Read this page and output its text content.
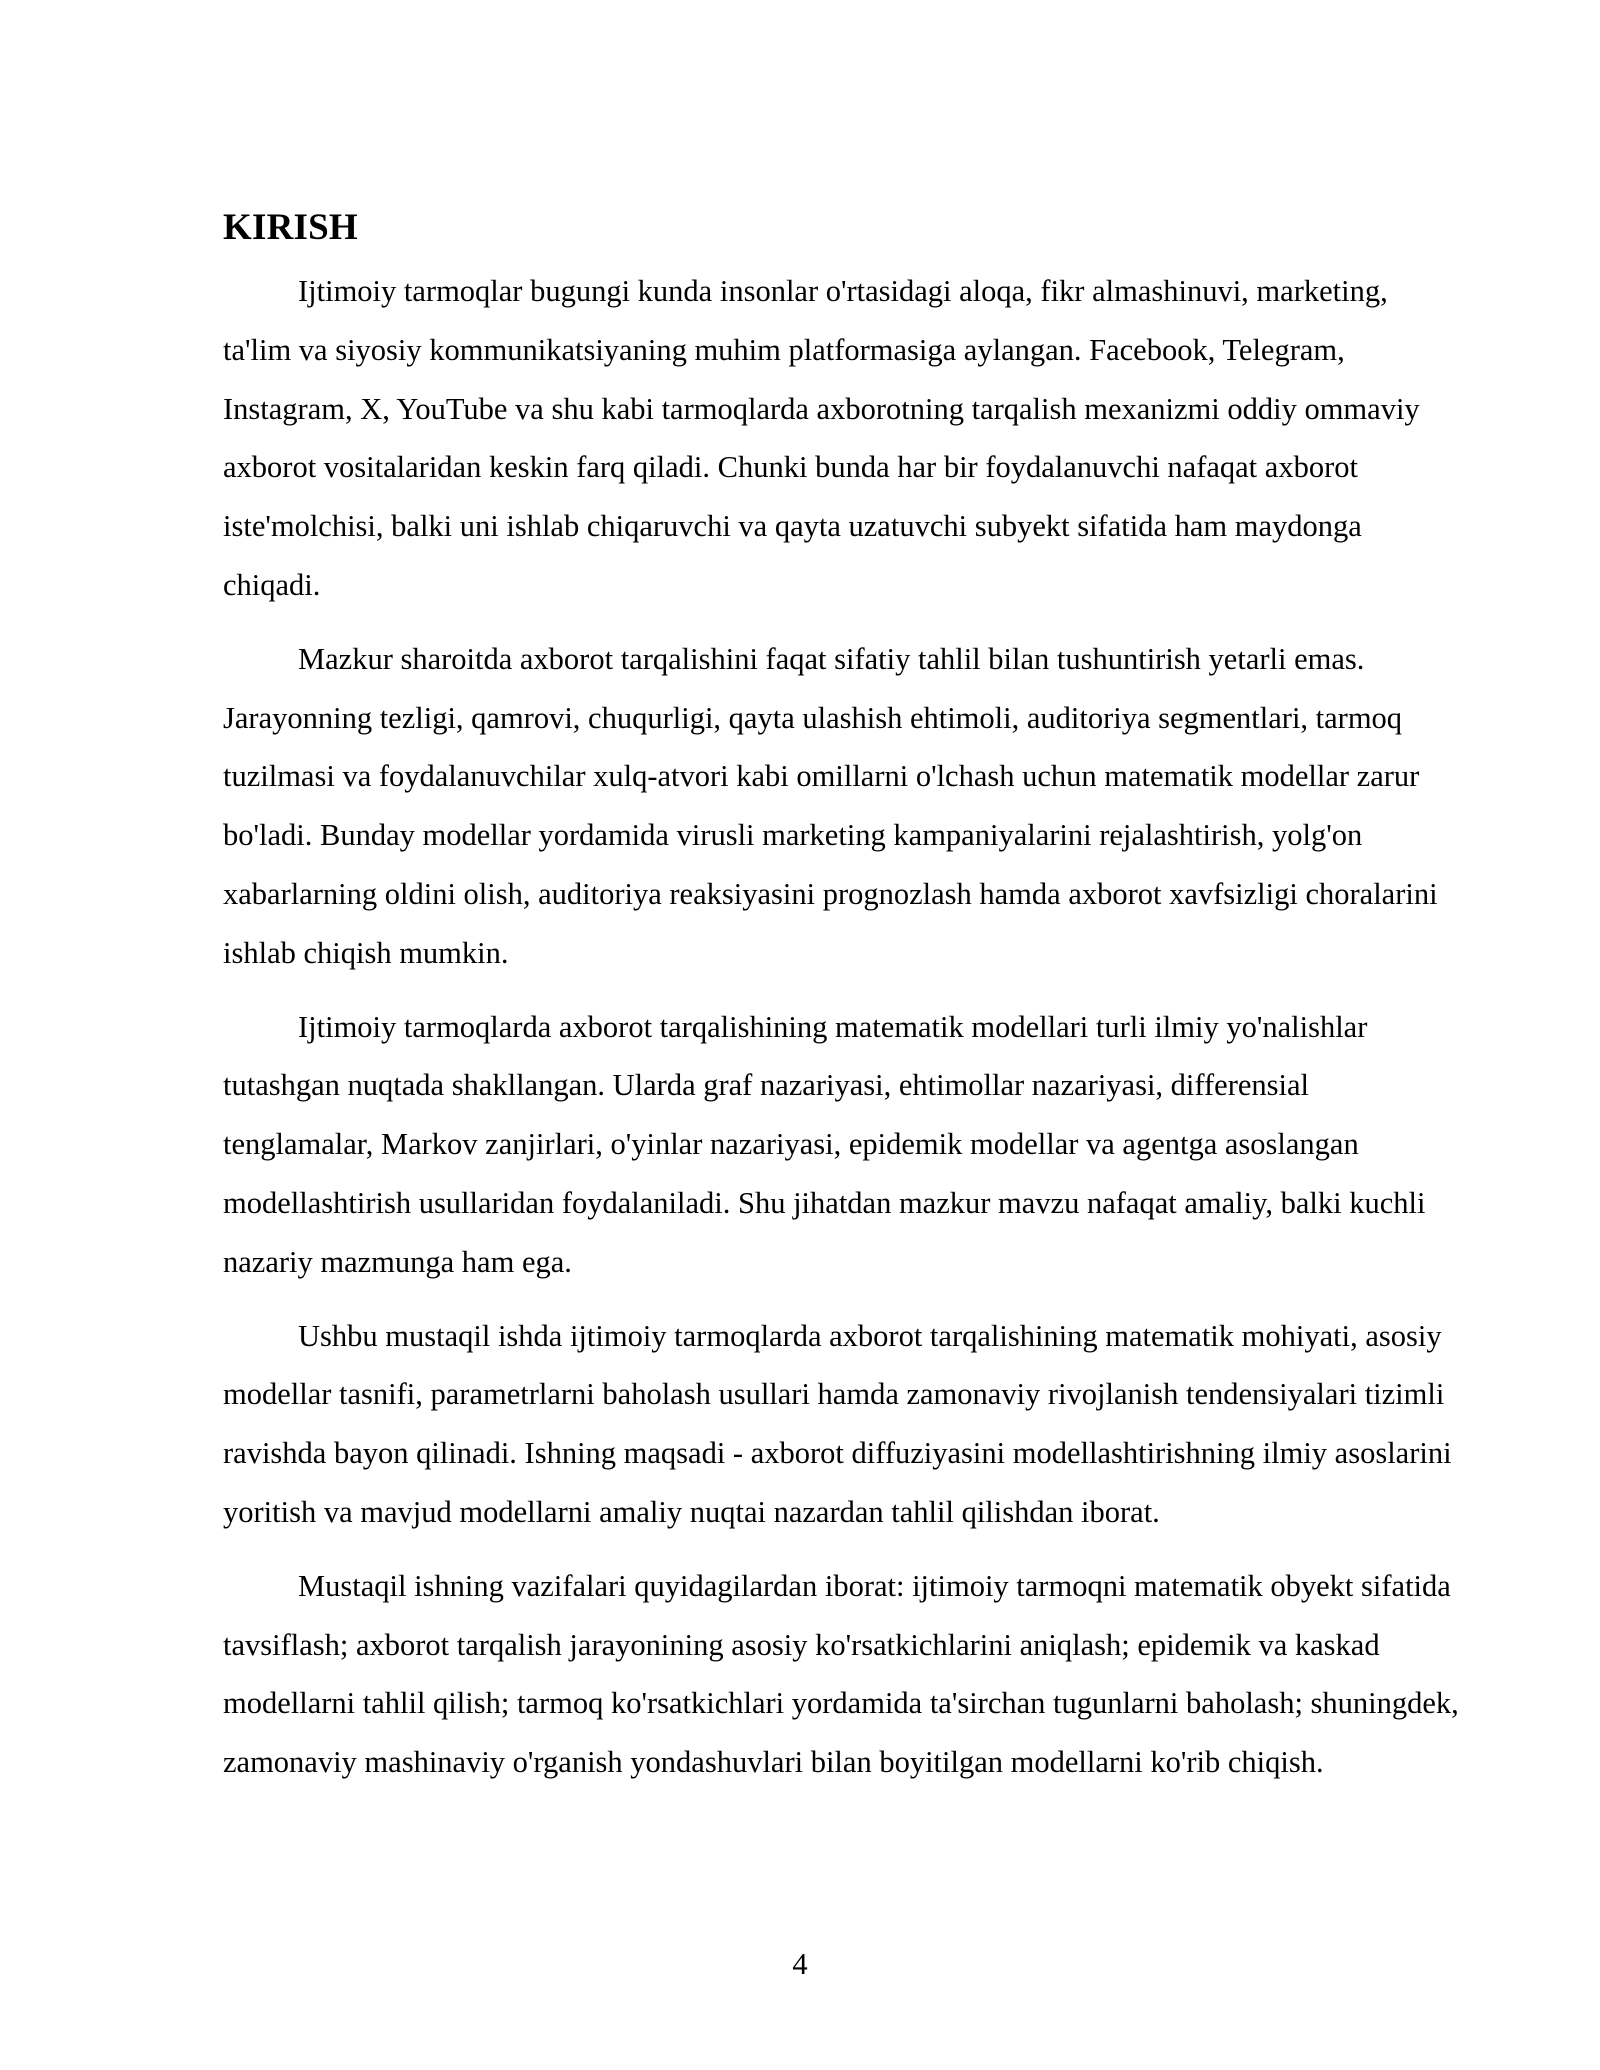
KIRISH

Ijtimoiy tarmoqlar bugungi kunda insonlar o'rtasidagi aloqa, fikr almashinuvi, marketing, ta'lim va siyosiy kommunikatsiyaning muhim platformasiga aylangan. Facebook, Telegram, Instagram, X, YouTube va shu kabi tarmoqlarda axborotning tarqalish mexanizmi oddiy ommaviy axborot vositalaridan keskin farq qiladi. Chunki bunda har bir foydalanuvchi nafaqat axborot iste'molchisi, balki uni ishlab chiqaruvchi va qayta uzatuvchi subyekt sifatida ham maydonga chiqadi.

Mazkur sharoitda axborot tarqalishini faqat sifatiy tahlil bilan tushuntirish yetarli emas. Jarayonning tezligi, qamrovi, chuqurligi, qayta ulashish ehtimoli, auditoriya segmentlari, tarmoq tuzilmasi va foydalanuvchilar xulq-atvori kabi omillarni o'lchash uchun matematik modellar zarur bo'ladi. Bunday modellar yordamida virusli marketing kampaniyalarini rejalashtirish, yolg'on xabarlarning oldini olish, auditoriya reaksiyasini prognozlash hamda axborot xavfsizligi choralarini ishlab chiqish mumkin.

Ijtimoiy tarmoqlarda axborot tarqalishining matematik modellari turli ilmiy yo'nalishlar tutashgan nuqtada shakllangan. Ularda graf nazariyasi, ehtimollar nazariyasi, differensial tenglamalar, Markov zanjirlari, o'yinlar nazariyasi, epidemik modellar va agentga asoslangan modellashtirish usullaridan foydalaniladi. Shu jihatdan mazkur mavzu nafaqat amaliy, balki kuchli nazariy mazmunga ham ega.

Ushbu mustaqil ishda ijtimoiy tarmoqlarda axborot tarqalishining matematik mohiyati, asosiy modellar tasnifi, parametrlarni baholash usullari hamda zamonaviy rivojlanish tendensiyalari tizimli ravishda bayon qilinadi. Ishning maqsadi - axborot diffuziyasini modellashtirishning ilmiy asoslarini yoritish va mavjud modellarni amaliy nuqtai nazardan tahlil qilishdan iborat.

Mustaqil ishning vazifalari quyidagilardan iborat: ijtimoiy tarmoqni matematik obyekt sifatida tavsiflash; axborot tarqalish jarayonining asosiy ko'rsatkichlarini aniqlash; epidemik va kaskad modellarni tahlil qilish; tarmoq ko'rsatkichlari yordamida ta'sirchan tugunlarni baholash; shuningdek, zamonaviy mashinaviy o'rganish yondashuvlari bilan boyitilgan modellarni ko'rib chiqish.

4
